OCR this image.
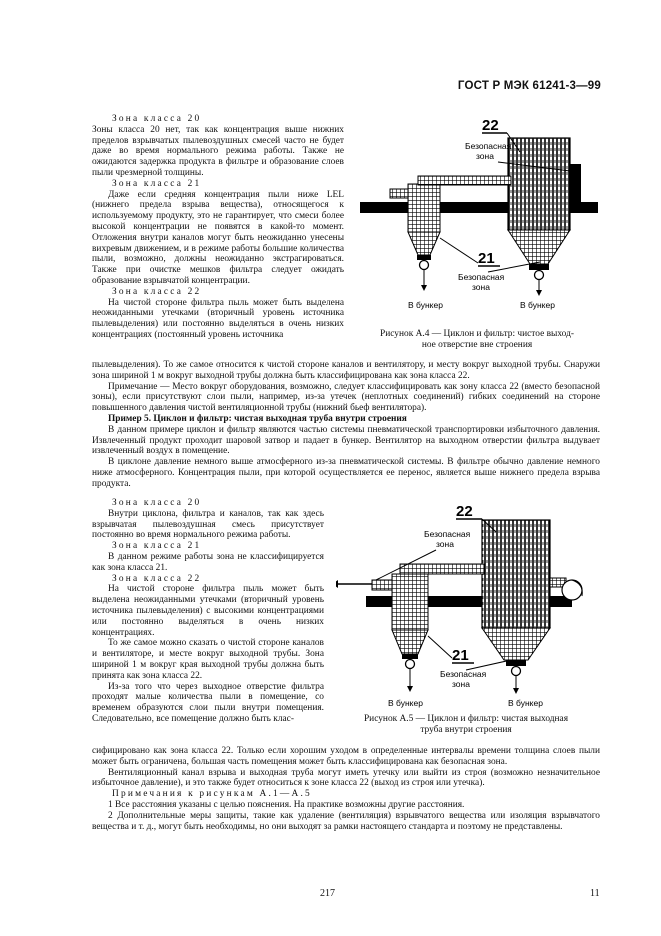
ГОСТ Р МЭК 61241-3—99

Зона класса 20

Зоны класса 20 нет, так как концентрация выше нижних пределов взрывчатых пылевоздушных смесей часто не будет даже во время нормального режима работы. Также не ожидаются задержка продукта в фильтре и образование слоев пыли чрезмерной толщины.

Зона класса 21

Даже если средняя концентрация пыли ниже LEL (нижнего предела взрыва вещества), относящегося к используемому продукту, это не гарантирует, что смеси более высокой концентрации не появятся в какой-то момент. Отложения внутри каналов могут быть неожиданно унесены вихревым движением, и в режиме работы большие количества пыли, возможно, должны неожиданно экстрагироваться. Также при очистке мешков фильтра следует ожидать образование взрывчатой концентрации.

Зона класса 22

На чистой стороне фильтра пыль может быть выделена неожиданными утечками (вторичный уровень источника пылевыделения) или постоянно выделяться в очень низких концентрациях (постоянный уровень источника

22
Безопасная
зона
21
Безопасная
зона
В бункер	В бункер
Рисунок А.4 — Циклон и фильтр: чистое выход-
ное отверстие вне строения

пылевыделения). То же самое относится к чистой стороне каналов и вентилятору, и месту вокруг выходной трубы. Снаружи зона шириной 1 м вокруг выходной трубы должна быть классифицирована как зона класса 22.

Примечание — Место вокруг оборудования, возможно, следует классифицировать как зону класса 22 (вместо безопасной зоны), если присутствуют слои пыли, например, из-за утечек (неплотных соединений) гибких соединений на стороне повышенного давления чистой вентиляционной трубы (нижний бьеф вентилятора).

Пример 5. Циклон и фильтр: чистая выходная труба внутри строения

В данном примере циклон и фильтр являются частью системы пневматической транспортировки избыточного давления. Извлеченный продукт проходит шаровой затвор и падает в бункер. Вентилятор на выходном отверстии фильтра выдувает извлеченный воздух в помещение.

В циклоне давление немного выше атмосферного из-за пневматической системы. В фильтре обычно давление немного ниже атмосферного. Концентрация пыли, при которой осуществляется ее перенос, является выше нижнего предела взрыва продукта.

Зона класса 20

Внутри циклона, фильтра и каналов, так как здесь взрывчатая пылевоздушная смесь присутствует постоянно во время нормального режима работы.

Зона класса 21

В данном режиме работы зона не классифицируется как зона класса 21.

Зона класса 22

На чистой стороне фильтра пыль может быть выделена неожиданными утечками (вторичный уровень источника пылевыделения) с высокими концентрациями или постоянно выделяться в очень низких концентрациях.

То же самое можно сказать о чистой стороне каналов и вентиляторе, и месте вокруг выходной трубы. Зона шириной 1 м вокруг края выходной трубы должна быть принята как зона класса 22.

Из-за того что через выходное отверстие фильтра проходят малые количества пыли в помещение, со временем образуются слои пыли внутри помещения. Следовательно, все помещение должно быть клас-

22
Безопасная
зона
21
Безопасная
зона
В бункер	В бункер
Рисунок А.5 — Циклон и фильтр: чистая выходная
труба внутри строения

сифицировано как зона класса 22. Только если хорошим уходом в определенные интервалы времени толщина слоев пыли может быть ограничена, большая часть помещения может быть классифицирована как безопасная зона.

Вентиляционный канал взрыва и выходная труба могут иметь утечку или выйти из строя (возможно незначительное избыточное давление), и это также будет относиться к зоне класса 22 (выход из строя или утечка).

Примечания к рисункам А.1—А.5

1 Все расстояния указаны с целью пояснения. На практике возможны другие расстояния.

2 Дополнительные меры защиты, такие как удаление (вентиляция) взрывчатого вещества или изоляция взрывчатого вещества и т. д., могут быть необходимы, но они выходят за рамки настоящего стандарта и поэтому не представлены.

217	11
